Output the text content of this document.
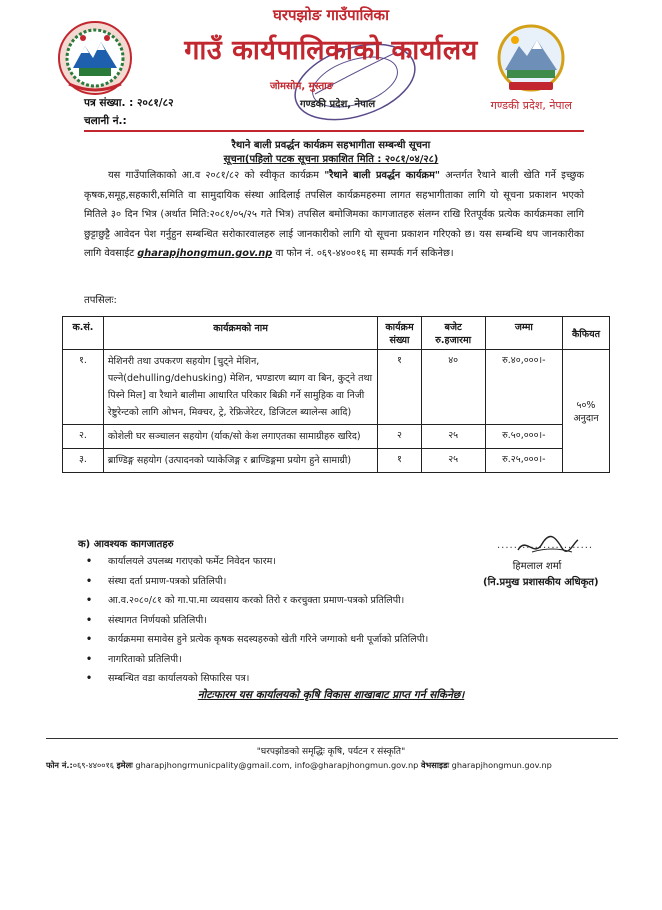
घरपझोङ गाउँपालिका
गाउँ कार्यपालिकाको कार्यालय
जोमसोम, मुस्ताङ
गण्डकी प्रदेश, नेपाल	गण्डकी प्रदेश, नेपाल
पत्र संख्या. : २०८१/८२
चलानी नं.:
रैथाने बाली प्रवर्द्धन कार्यक्रम सहभागीता सम्बन्धी सूचना
सूचना(पहिलो पटक सूचना प्रकाशित मिति : २०८१/०४/२८)

यस गाउँपालिकाको आ.व २०८१/८२ को स्वीकृत कार्यक्रम "रैथाने बाली प्रवर्द्धन कार्यक्रम" अन्तर्गत रैथाने बाली खेति गर्ने इच्छुक कृषक,समूह,सहकारी,समिति वा सामुदायिक संस्था आदिलाई तपसिल कार्यक्रमहरुमा लागत सहभागीताका लागि यो सूचना प्रकाशन भएको मितिले ३० दिन भित्र (अर्थात मिति:२०८१/०५/२५ गते भित्र) तपसिल बमोजिमका कागजातहरु संलग्न राखि रितपूर्वक प्रत्येक कार्यक्रमका लागि छुट्टाछुट्टै आवेदन पेश गर्नुहुन सम्बन्धित सरोकारवालहरु लाई जानकारीको लागि यो सूचना प्रकाशन गरिएको छ। यस सम्बन्धि थप जानकारीका लागि वेवसाईट gharapjhongmun.gov.np वा फोन नं. ०६९-४४००१६ मा सम्पर्क गर्न सकिनेछ।

तपसिलः:
क.सं.	कार्यक्रमको नाम	कार्यक्रम संख्या	बजेट रु.हजारमा	जम्मा	कैफियत
१.	मेशिनरी तथा उपकरण सहयोग [चुट्ने मेशिन, पल्ने(dehulling/dehusking) मेशिन, भण्डारण ब्याग वा बिन, कुट्ने तथा पिस्ने मिल] वा रैथाने बालीमा आधारित परिकार बिक्री गर्ने सामुहिक वा निजी रेष्टुरेन्टको लागि ओभन, मिक्चर, ट्रे, रेफ्रिजेरेटर, डिजिटल ब्यालेन्स आदि)	१	४०	रु.४०,०००।-	५०% अनुदान
२.	कोशेली घर सञ्चालन सहयोग (र्याक/सो केश लगाएतका सामाग्रीहरु खरिद)	२	२५	रु.५०,०००।-	
३.	ब्राण्डिङ्ग सहयोग (उत्पादनको प्याकेजिङ्ग र ब्राण्डिङ्गमा प्रयोग हुने सामाग्री)	१	२५	रु.२५,०००।-	
क) आवश्यक कागजातहरु
• कार्यालयले उपलब्ध गराएको फर्मेट निवेदन फारम।
• संस्था दर्ता प्रमाण-पत्रको प्रतिलिपी।
• आ.व.२०८०/८१ को गा.पा.मा व्यवसाय करको तिरो र करचुक्ता प्रमाण-पत्रको प्रतिलिपी।
• संस्थागत निर्णयको प्रतिलिपी।
• कार्यक्रममा समावेस हुने प्रत्येक कृषक सदस्यहरुको खेती गरिने जग्गाको धनी पूर्जाको प्रतिलिपी।
• नागरिताको प्रतिलिपी।
• सम्बन्धित वडा कार्यालयको सिफारिस पत्र।
.......................
हिमलाल शर्मा
(नि.प्रमुख प्रशासकीय अधिकृत)
नोटःफारम यस कार्यालयको कृषि विकास शाखाबाट प्राप्त गर्न सकिनेछ।
"घरपझोङको समृद्धिः कृषि, पर्यटन र संस्कृति"
फोन नं.:०६९-४४००१६ इमेलः gharapjhongrmunicpality@gmail.com, info@gharapjhongmun.gov.np वेभसाइडः gharapjhongmun.gov.np
